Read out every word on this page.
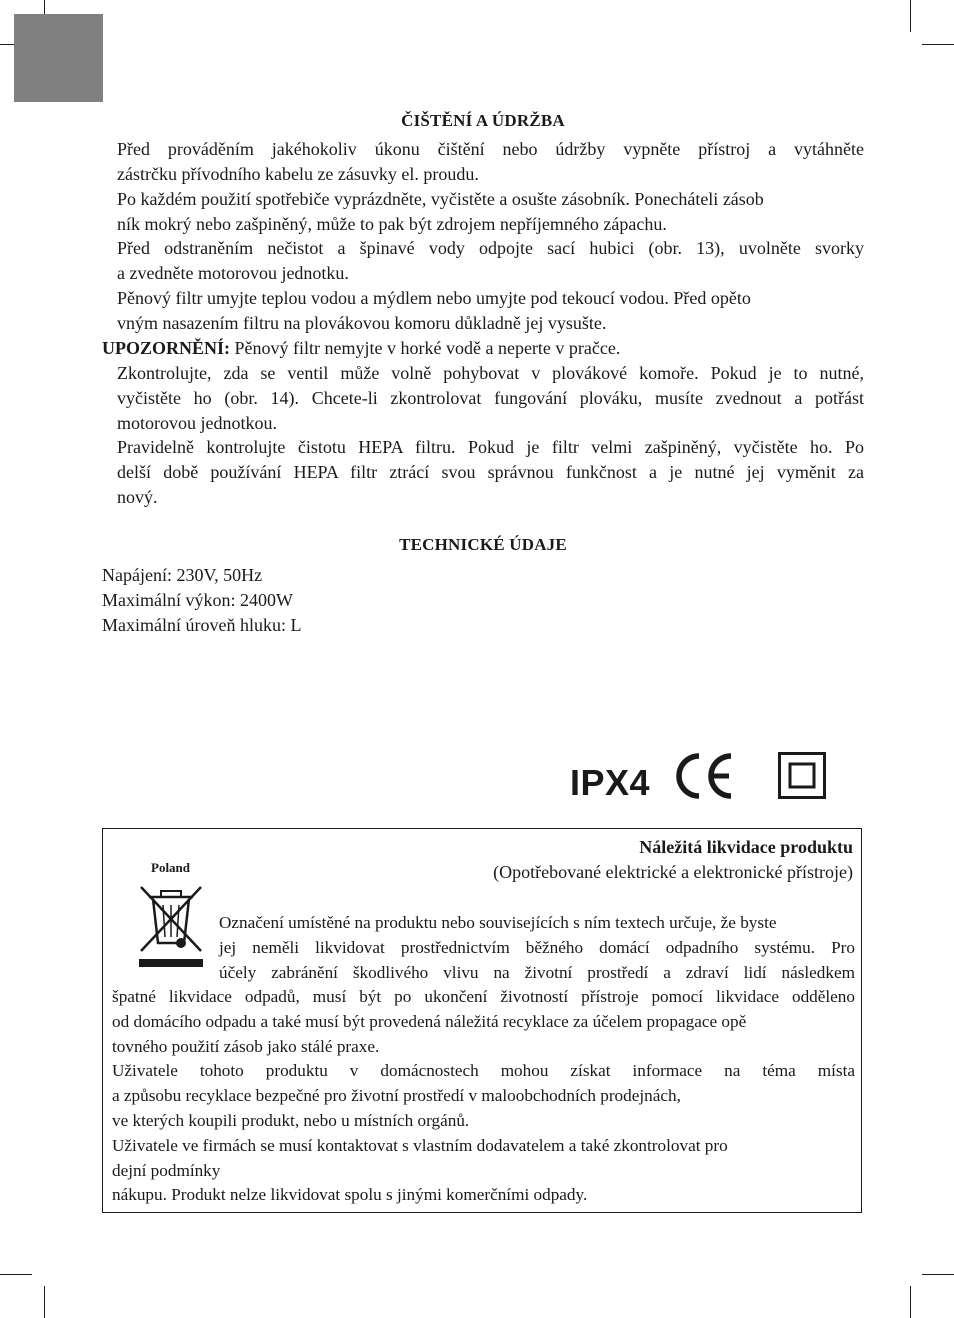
ČIŠTĚNÍ A ÚDRŽBA
Před prováděním jakéhokoliv úkonu čištění nebo údržby vypněte přístroj a vytáhněte
zástrčku přívodního kabelu ze zásuvky el. proudu.
Po každém použití spotřebiče vyprázdněte, vyčistěte a osušte zásobník. Ponecháteli zásob
ník mokrý nebo zašpiněný, může to pak být zdrojem nepříjemného zápachu.
Před odstraněním nečistot a špinavé vody odpojte sací hubici (obr. 13), uvolněte svorky
a zvedněte motorovou jednotku.
Pěnový filtr umyjte teplou vodou a mýdlem nebo umyjte pod tekoucí vodou. Před opěto
vným nasazením filtru na plovákovou komoru důkladně jej vysušte.
UPOZORNĚNÍ: Pěnový filtr nemyjte v horké vodě a neperte v pračce.
Zkontrolujte, zda se ventil může volně pohybovat v plovákové komoře. Pokud je to nutné,
vyčistěte ho (obr. 14). Chcete-li zkontrolovat fungování plováku, musíte zvednout a potřást
motorovou jednotkou.
Pravidelně kontrolujte čistotu HEPA filtru. Pokud je filtr velmi zašpiněný, vyčistěte ho. Po
delší době používání HEPA filtr ztrácí svou správnou funkčnost a je nutné jej vyměnit za
nový.
TECHNICKÉ ÚDAJE
Napájení: 230V, 50Hz
Maximální výkon: 2400W
Maximální úroveň hluku: L
IPX4
Náležitá likvidace produktu
(Opotřebované elektrické a elektronické přístroje)
Poland
Označení umístěné na produktu nebo souvisejících s ním textech určuje, že byste
jej neměli likvidovat prostřednictvím běžného domácí odpadního systému. Pro
účely zabránění škodlivého vlivu na životní prostředí a zdraví lidí následkem
špatné likvidace odpadů, musí být po ukončení životností přístroje pomocí likvidace odděleno
od domácího odpadu a také musí být provedená náležitá recyklace za účelem propagace opě
tovného použití zásob jako stálé praxe.
Uživatele tohoto produktu v domácnostech mohou získat informace na téma místa
a způsobu recyklace bezpečné pro životní prostředí v maloobchodních prodejnách,
ve kterých koupili produkt, nebo u místních orgánů.
Uživatele ve firmách se musí kontaktovat s vlastním dodavatelem a také zkontrolovat pro
dejní podmínky
nákupu. Produkt nelze likvidovat spolu s jinými komerčními odpady.
